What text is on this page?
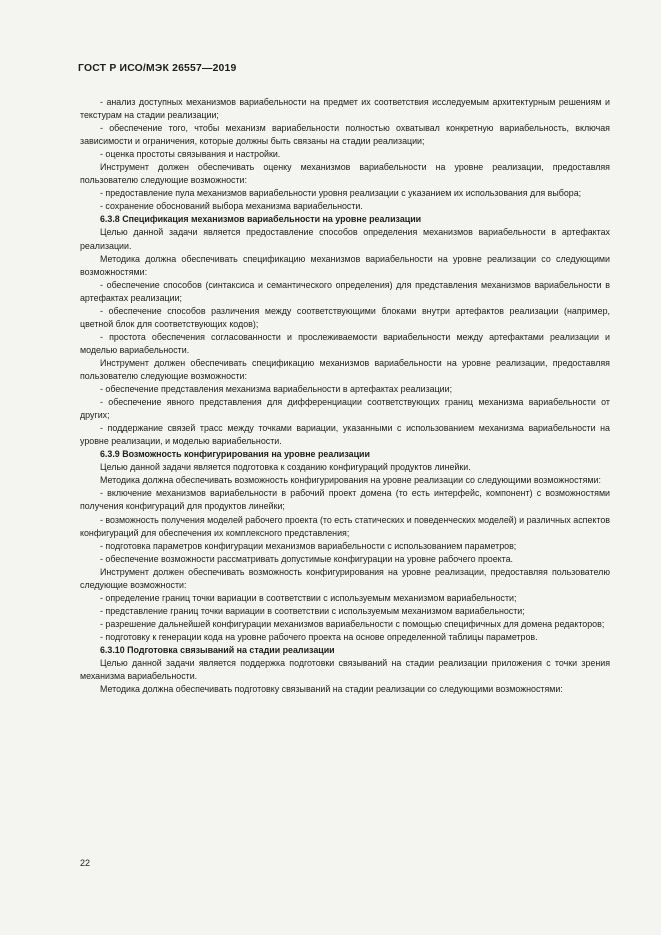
ГОСТ Р ИСО/МЭК 26557—2019

- анализ доступных механизмов вариабельности на предмет их соответствия исследуемым архитектурным решениям и текстурам на стадии реализации;

- обеспечение того, чтобы механизм вариабельности полностью охватывал конкретную вариабельность, включая зависимости и ограничения, которые должны быть связаны на стадии реализации;

- оценка простоты связывания и настройки.

Инструмент должен обеспечивать оценку механизмов вариабельности на уровне реализации, предоставляя пользователю следующие возможности:

- предоставление пула механизмов вариабельности уровня реализации с указанием их использования для выбора;

- сохранение обоснований выбора механизма вариабельности.

6.3.8 Спецификация механизмов вариабельности на уровне реализации

Целью данной задачи является предоставление способов определения механизмов вариабельности в артефактах реализации.

Методика должна обеспечивать спецификацию механизмов вариабельности на уровне реализации со следующими возможностями:

- обеспечение способов (синтаксиса и семантического определения) для представления механизмов вариабельности в артефактах реализации;

- обеспечение способов различения между соответствующими блоками внутри артефактов реализации (например, цветной блок для соответствующих кодов);

- простота обеспечения согласованности и прослеживаемости вариабельности между артефактами реализации и моделью вариабельности.

Инструмент должен обеспечивать спецификацию механизмов вариабельности на уровне реализации, предоставляя пользователю следующие возможности:

- обеспечение представления механизма вариабельности в артефактах реализации;

- обеспечение явного представления для дифференциации соответствующих границ механизма вариабельности от других;

- поддержание связей трасс между точками вариации, указанными с использованием механизма вариабельности на уровне реализации, и моделью вариабельности.

6.3.9 Возможность конфигурирования на уровне реализации

Целью данной задачи является подготовка к созданию конфигураций продуктов линейки.

Методика должна обеспечивать возможность конфигурирования на уровне реализации со следующими возможностями:

- включение механизмов вариабельности в рабочий проект домена (то есть интерфейс, компонент) с возможностями получения конфигураций для продуктов линейки;

- возможность получения моделей рабочего проекта (то есть статических и поведенческих моделей) и различных аспектов конфигураций для обеспечения их комплексного представления;

- подготовка параметров конфигурации механизмов вариабельности с использованием параметров;

- обеспечение возможности рассматривать допустимые конфигурации на уровне рабочего проекта.

Инструмент должен обеспечивать возможность конфигурирования на уровне реализации, предоставляя пользователю следующие возможности:

- определение границ точки вариации в соответствии с используемым механизмом вариабельности;

- представление границ точки вариации в соответствии с используемым механизмом вариабельности;

- разрешение дальнейшей конфигурации механизмов вариабельности с помощью специфичных для домена редакторов;

- подготовку к генерации кода на уровне рабочего проекта на основе определенной таблицы параметров.

6.3.10 Подготовка связываний на стадии реализации

Целью данной задачи является поддержка подготовки связываний на стадии реализации приложения с точки зрения механизма вариабельности.

Методика должна обеспечивать подготовку связываний на стадии реализации со следующими возможностями:

22
